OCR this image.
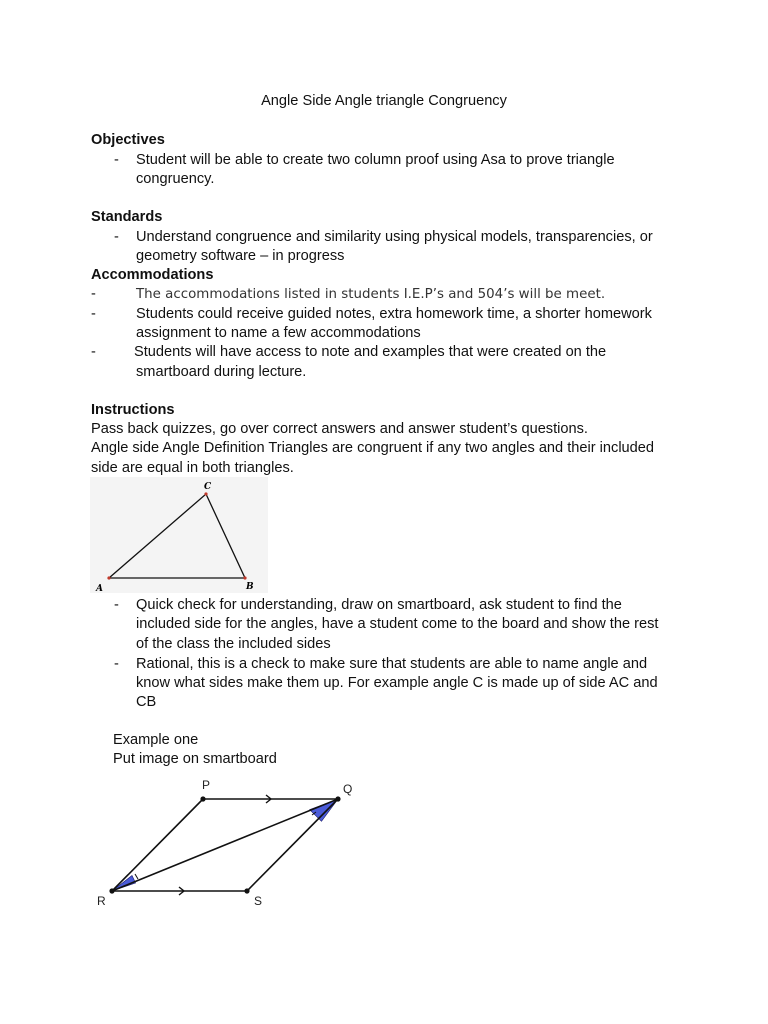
Angle Side Angle triangle Congruency
Objectives
- Student will be able to create two column proof using Asa to prove triangle
congruency.
Standards
- Understand congruence and similarity using physical models, transparencies, or
geometry software – in progress
Accommodations
-	The accommodations listed in students I.E.P’s and 504’s will be meet.
-	Students could receive guided notes, extra homework time, a shorter homework
assignment to name a few accommodations
-	Students will have access to note and examples that were created on the
smartboard during lecture.
Instructions
Pass back quizzes, go over correct answers and answer student’s questions.
Angle side Angle Definition Triangles are congruent if any two angles and their included
side are equal in both triangles.
A	B
C
- Quick check for understanding, draw on smartboard, ask student to find the
included side for the angles, have a student come to the board and show the rest
of the class the included sides
- Rational, this is a check to make sure that students are able to name angle and
know what sides make them up. For example angle C is made up of side AC and
CB
Example one
Put image on smartboard
P	Q
R	S
